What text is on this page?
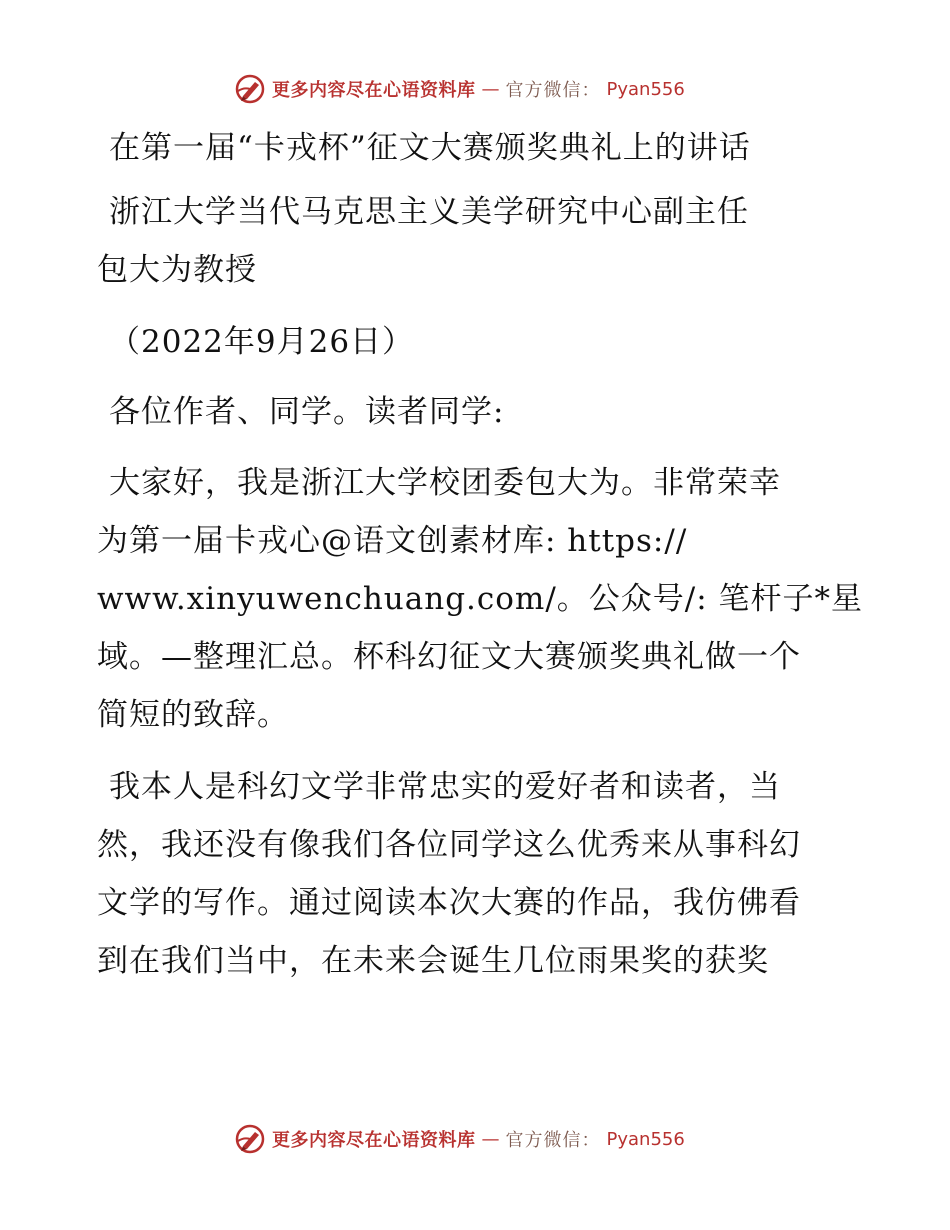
更多内容尽在心语资料库 — 官方微信： Pyan556
在第一届“卡戎杯”征文大赛颁奖典礼上的讲话
浙江大学当代马克思主义美学研究中心副主任
包大为教授
（2022年9月26日）
各位作者、同学。读者同学:
大家好，我是浙江大学校团委包大为。非常荣幸
为第一届卡戎心@语文创素材库: https://
www.xinyuwenchuang.com/。公众号/: 笔杆子*星
域。—整理汇总。杯科幻征文大赛颁奖典礼做一个
简短的致辞。
我本人是科幻文学非常忠实的爱好者和读者，当
然，我还没有像我们各位同学这么优秀来从事科幻
文学的写作。通过阅读本次大赛的作品，我仿佛看
到在我们当中，在未来会诞生几位雨果奖的获奖
更多内容尽在心语资料库 — 官方微信： Pyan556
